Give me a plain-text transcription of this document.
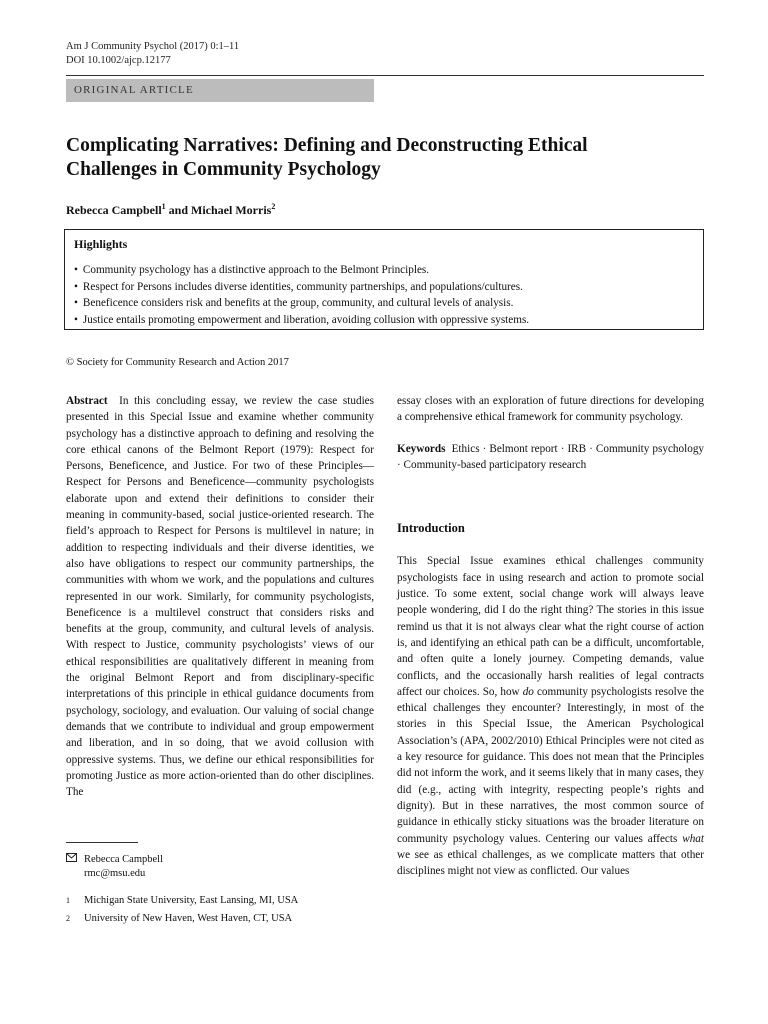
Am J Community Psychol (2017) 0:1–11
DOI 10.1002/ajcp.12177
ORIGINAL ARTICLE
Complicating Narratives: Defining and Deconstructing Ethical
Challenges in Community Psychology
Rebecca Campbell$^1$ and Michael Morris$^2$
Highlights
• Community psychology has a distinctive approach to the Belmont Principles.
• Respect for Persons includes diverse identities, community partnerships, and populations/cultures.
• Beneficence considers risk and benefits at the group, community, and cultural levels of analysis.
• Justice entails promoting empowerment and liberation, avoiding collusion with oppressive systems.
© Society for Community Research and Action 2017

Abstract In this concluding essay, we review the case studies presented in this Special Issue and examine whether community psychology has a distinctive approach to defining and resolving the core ethical canons of the Belmont Report (1979): Respect for Persons, Beneficence, and Justice. For two of these Principles—Respect for Persons and Beneficence—community psychologists elaborate upon and extend their definitions to consider their meaning in community-based, social justice-oriented research. The field’s approach to Respect for Persons is multilevel in nature; in addition to respecting individuals and their diverse identities, we also have obligations to respect our community partnerships, the communities with whom we work, and the populations and cultures represented in our work. Similarly, for community psychologists, Beneficence is a multilevel construct that considers risks and benefits at the group, community, and cultural levels of analysis. With respect to Justice, community psychologists’ views of our ethical responsibilities are qualitatively different in meaning from the original Belmont Report and from disciplinary-specific interpretations of this principle in ethical guidance documents from psychology, sociology, and evaluation. Our valuing of social change demands that we contribute to individual and group empowerment and liberation, and in so doing, that we avoid collusion with oppressive systems. Thus, we define our ethical responsibilities for promoting Justice as more action-oriented than do other disciplines. The

essay closes with an exploration of future directions for developing a comprehensive ethical framework for community psychology.

Keywords Ethics · Belmont report · IRB · Community psychology · Community-based participatory research

Introduction

This Special Issue examines ethical challenges community psychologists face in using research and action to promote social justice. To some extent, social change work will always leave people wondering, did I do the right thing? The stories in this issue remind us that it is not always clear what the right course of action is, and identifying an ethical path can be a difficult, uncomfortable, and often quite a lonely journey. Competing demands, value conflicts, and the occasionally harsh realities of legal contracts affect our choices. So, how do community psychologists resolve the ethical challenges they encounter? Interestingly, in most of the stories in this Special Issue, the American Psychological Association’s (APA, 2002/2010) Ethical Principles were not cited as a key resource for guidance. This does not mean that the Principles did not inform the work, and it seems likely that in many cases, they did (e.g., acting with integrity, respecting people’s rights and dignity). But in these narratives, the most common source of guidance in ethically sticky situations was the broader literature on community psychology values. Centering our values affects what we see as ethical challenges, as we complicate matters that other disciplines might not view as conflicted. Our values

Rebecca Campbell
rmc@msu.edu
$^1$ Michigan State University, East Lansing, MI, USA
$^2$ University of New Haven, West Haven, CT, USA
